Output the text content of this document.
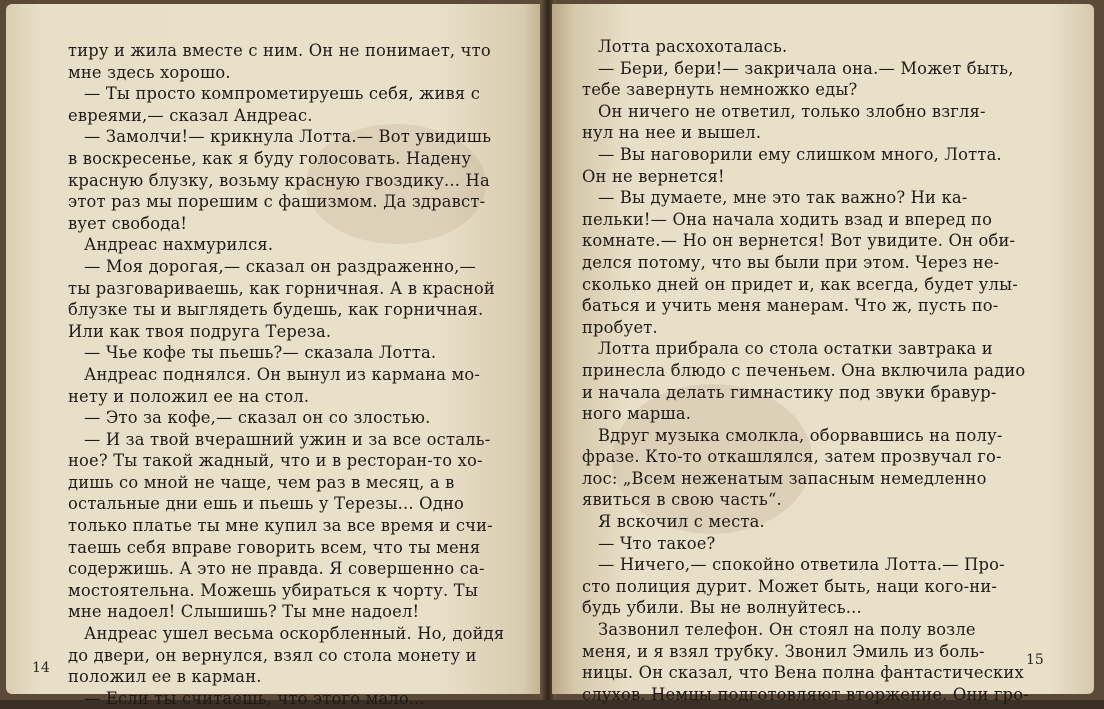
тиру и жила вместе с ним. Он не понимает, что
мне здесь хорошо.
— Ты просто компрометируешь себя, живя с
евреями,— сказал Андреас.
— Замолчи!— крикнула Лотта.— Вот увидишь
в воскресенье, как я буду голосовать. Надену
красную блузку, возьму красную гвоздику... На
этот раз мы порешим с фашизмом. Да здравст-
вует свобода!
Андреас нахмурился.
— Моя дорогая,— сказал он раздраженно,—
ты разговариваешь, как горничная. А в красной
блузке ты и выглядеть будешь, как горничная.
Или как твоя подруга Тереза.
— Чье кофе ты пьешь?— сказала Лотта.
Андреас поднялся. Он вынул из кармана мо-
нету и положил ее на стол.
— Это за кофе,— сказал он со злостью.
— И за твой вчерашний ужин и за все осталь-
ное? Ты такой жадный, что и в ресторан-то хо-
дишь со мной не чаще, чем раз в месяц, а в
остальные дни ешь и пьешь у Терезы... Одно
только платье ты мне купил за все время и счи-
таешь себя вправе говорить всем, что ты меня
содержишь. А это не правда. Я совершенно са-
мостоятельна. Можешь убираться к чорту. Ты
мне надоел! Слышишь? Ты мне надоел!
Андреас ушел весьма оскорбленный. Но, дойдя
до двери, он вернулся, взял со стола монету и
положил ее в карман.
— Если ты считаешь, что этого мало...
14
Лотта расхохоталась.
— Бери, бери!— закричала она.— Может быть,
тебе завернуть немножко еды?
Он ничего не ответил, только злобно взгля-
нул на нее и вышел.
— Вы наговорили ему слишком много, Лотта.
Он не вернется!
— Вы думаете, мне это так важно? Ни ка-
пельки!— Она начала ходить взад и вперед по
комнате.— Но он вернется! Вот увидите. Он оби-
делся потому, что вы были при этом. Через не-
сколько дней он придет и, как всегда, будет улы-
баться и учить меня манерам. Что ж, пусть по-
пробует.
Лотта прибрала со стола остатки завтрака и
принесла блюдо с печеньем. Она включила радио
и начала делать гимнастику под звуки бравур-
ного марша.
Вдруг музыка смолкла, оборвавшись на полу-
фразе. Кто-то откашлялся, затем прозвучал го-
лос: „Всем неженатым запасным немедленно
явиться в свою часть“.
Я вскочил с места.
— Что такое?
— Ничего,— спокойно ответила Лотта.— Про-
сто полиция дурит. Может быть, наци кого-ни-
будь убили. Вы не волнуйтесь...
Зазвонил телефон. Он стоял на полу возле
меня, и я взял трубку. Звонил Эмиль из боль-
ницы. Он сказал, что Вена полна фантастических
слухов. Немцы подготовляют вторжение. Они гро-
15
